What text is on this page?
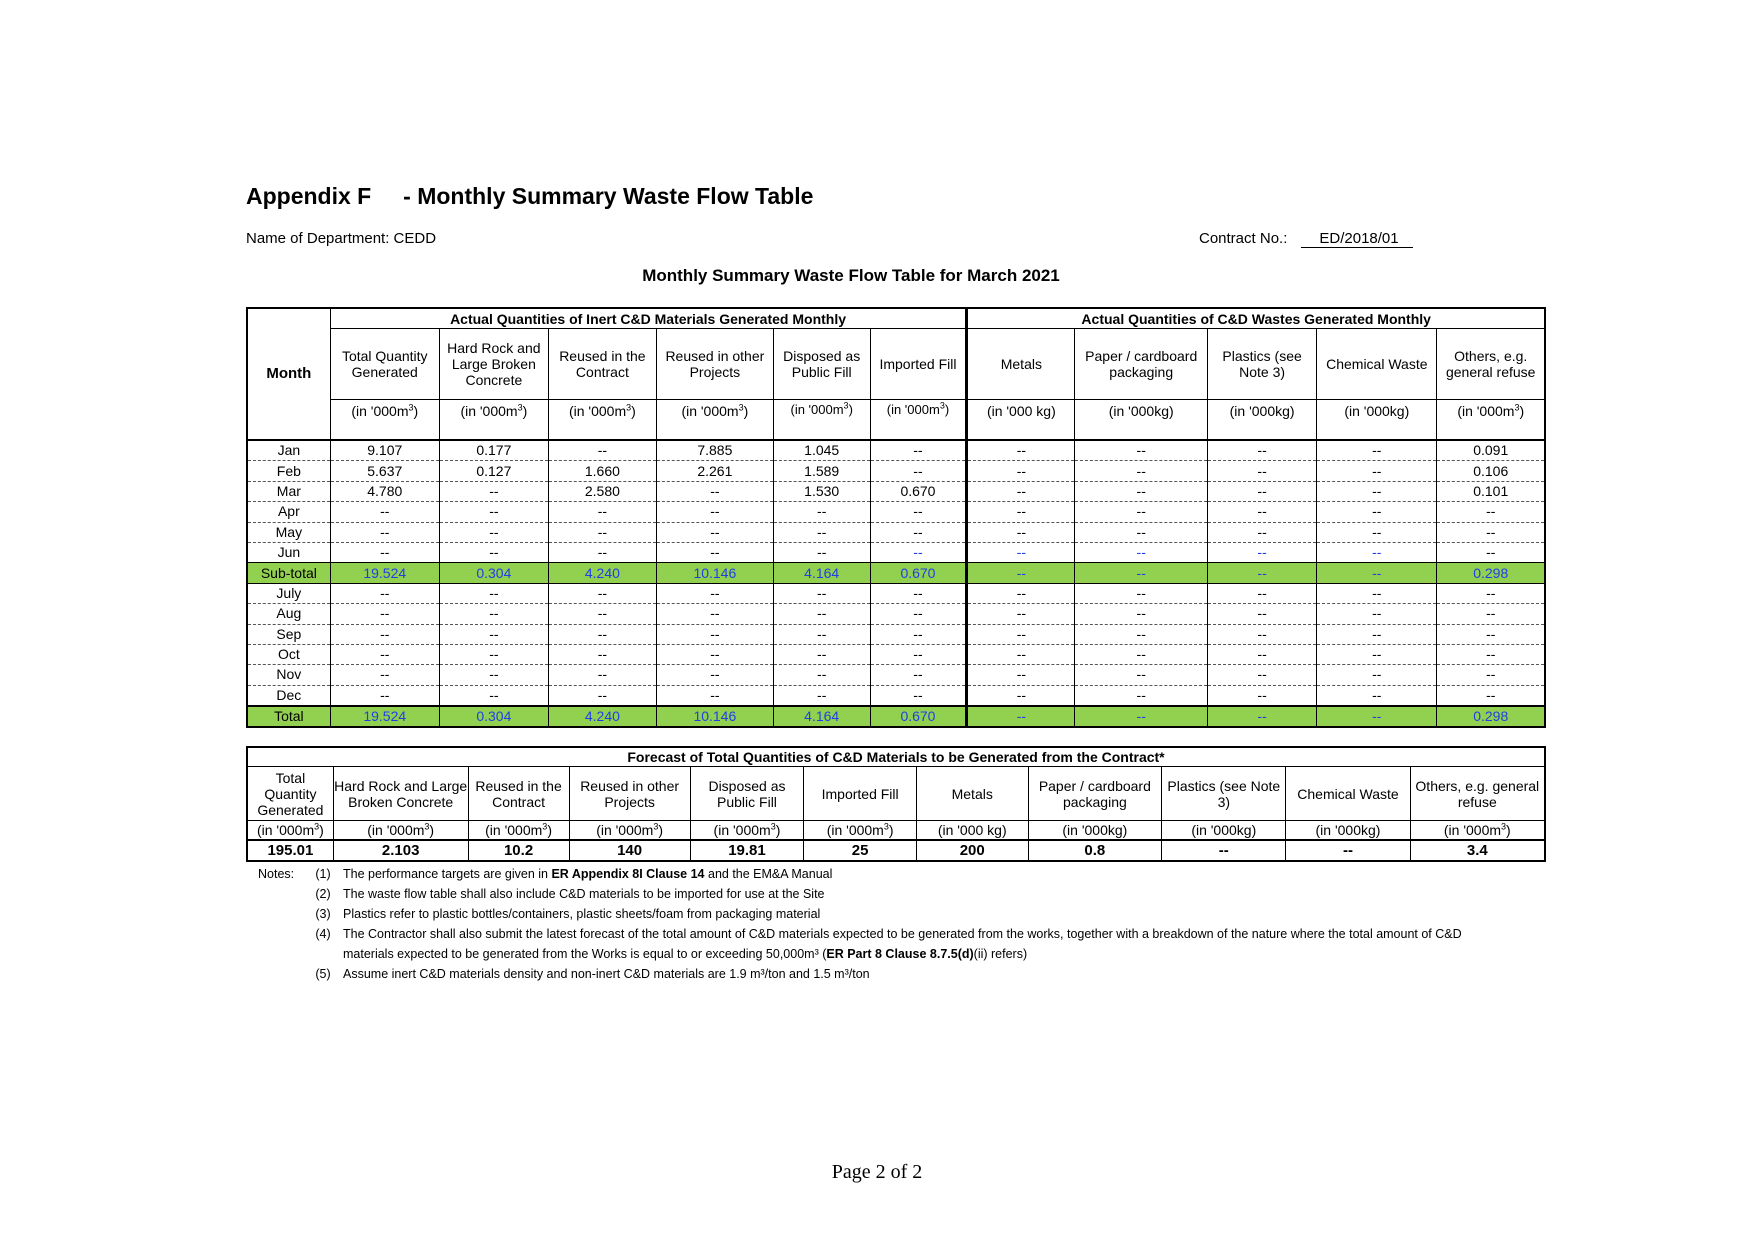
Appendix F     - Monthly Summary Waste Flow Table
Name of Department: CEDD	Contract No.: ED/2018/01
Monthly Summary Waste Flow Table for March 2021
Month	Actual Quantities of Inert C&D Materials Generated Monthly						Actual Quantities of C&D Wastes Generated Monthly				
	Total Quantity Generated	Hard Rock and Large Broken Concrete	Reused in the Contract	Reused in other Projects	Disposed as Public Fill	Imported Fill	Metals	Paper / cardboard packaging	Plastics (see Note 3)	Chemical Waste	Others, e.g. general refuse
	(in '$000m^3$)	(in '$000m^3$)	(in '$000m^3$)	(in '$000m^3$)	(in '$000m^3$)	(in '$000m^3$)	(in '000 kg)	(in '000kg)	(in '000kg)	(in '000kg)	(in '$000m^3$)
Jan	9.107	0.177	--	7.885	1.045	--	--	--	--	--	0.091
Feb	5.637	0.127	1.660	2.261	1.589	--	--	--	--	--	0.106
Mar	4.780	--	2.580	--	1.530	0.670	--	--	--	--	0.101
Apr	--	--	--	--	--	--	--	--	--	--	--
May	--	--	--	--	--	--	--	--	--	--	--
Jun	--	--	--	--	--	--	--	--	--	--	--
Sub-total	19.524	0.304	4.240	10.146	4.164	0.670	--	--	--	--	0.298
July	--	--	--	--	--	--	--	--	--	--	--
Aug	--	--	--	--	--	--	--	--	--	--	--
Sep	--	--	--	--	--	--	--	--	--	--	--
Oct	--	--	--	--	--	--	--	--	--	--	--
Nov	--	--	--	--	--	--	--	--	--	--	--
Dec	--	--	--	--	--	--	--	--	--	--	--
Total	19.524	0.304	4.240	10.146	4.164	0.670	--	--	--	--	0.298
Forecast of Total Quantities of C&D Materials to be Generated from the Contract*										
Total Quantity Generated	Hard Rock and Large Broken Concrete	Reused in the Contract	Reused in other Projects	Disposed as Public Fill	Imported Fill	Metals	Paper / cardboard packaging	Plastics (see Note 3)	Chemical Waste	Others, e.g. general refuse
(in '$000m^3$)	(in '$000m^3$)	(in '$000m^3$)	(in '$000m^3$)	(in '$000m^3$)	(in '$000m^3$)	(in '000 kg)	(in '000kg)	(in '000kg)	(in '000kg)	(in '$000m^3$)
195.01	2.103	10.2	140	19.81	25	200	0.8	--	--	3.4
Notes:	(1) The performance targets are given in ER Appendix 8I Clause 14 and the EM&A Manual
(2) The waste flow table shall also include C&D materials to be imported for use at the Site
(3) Plastics refer to plastic bottles/containers, plastic sheets/foam from packaging material
(4) The Contractor shall also submit the latest forecast of the total amount of C&D materials expected to be generated from the works, together with a breakdown of the nature where the total amount of C&D materials expected to be generated from the Works is equal to or exceeding 50,000m³ (ER Part 8 Clause 8.7.5(d)(ii) refers)
(5) Assume inert C&D materials density and non-inert C&D materials are 1.9 m³/ton and 1.5 m³/ton
Page 2 of 2
